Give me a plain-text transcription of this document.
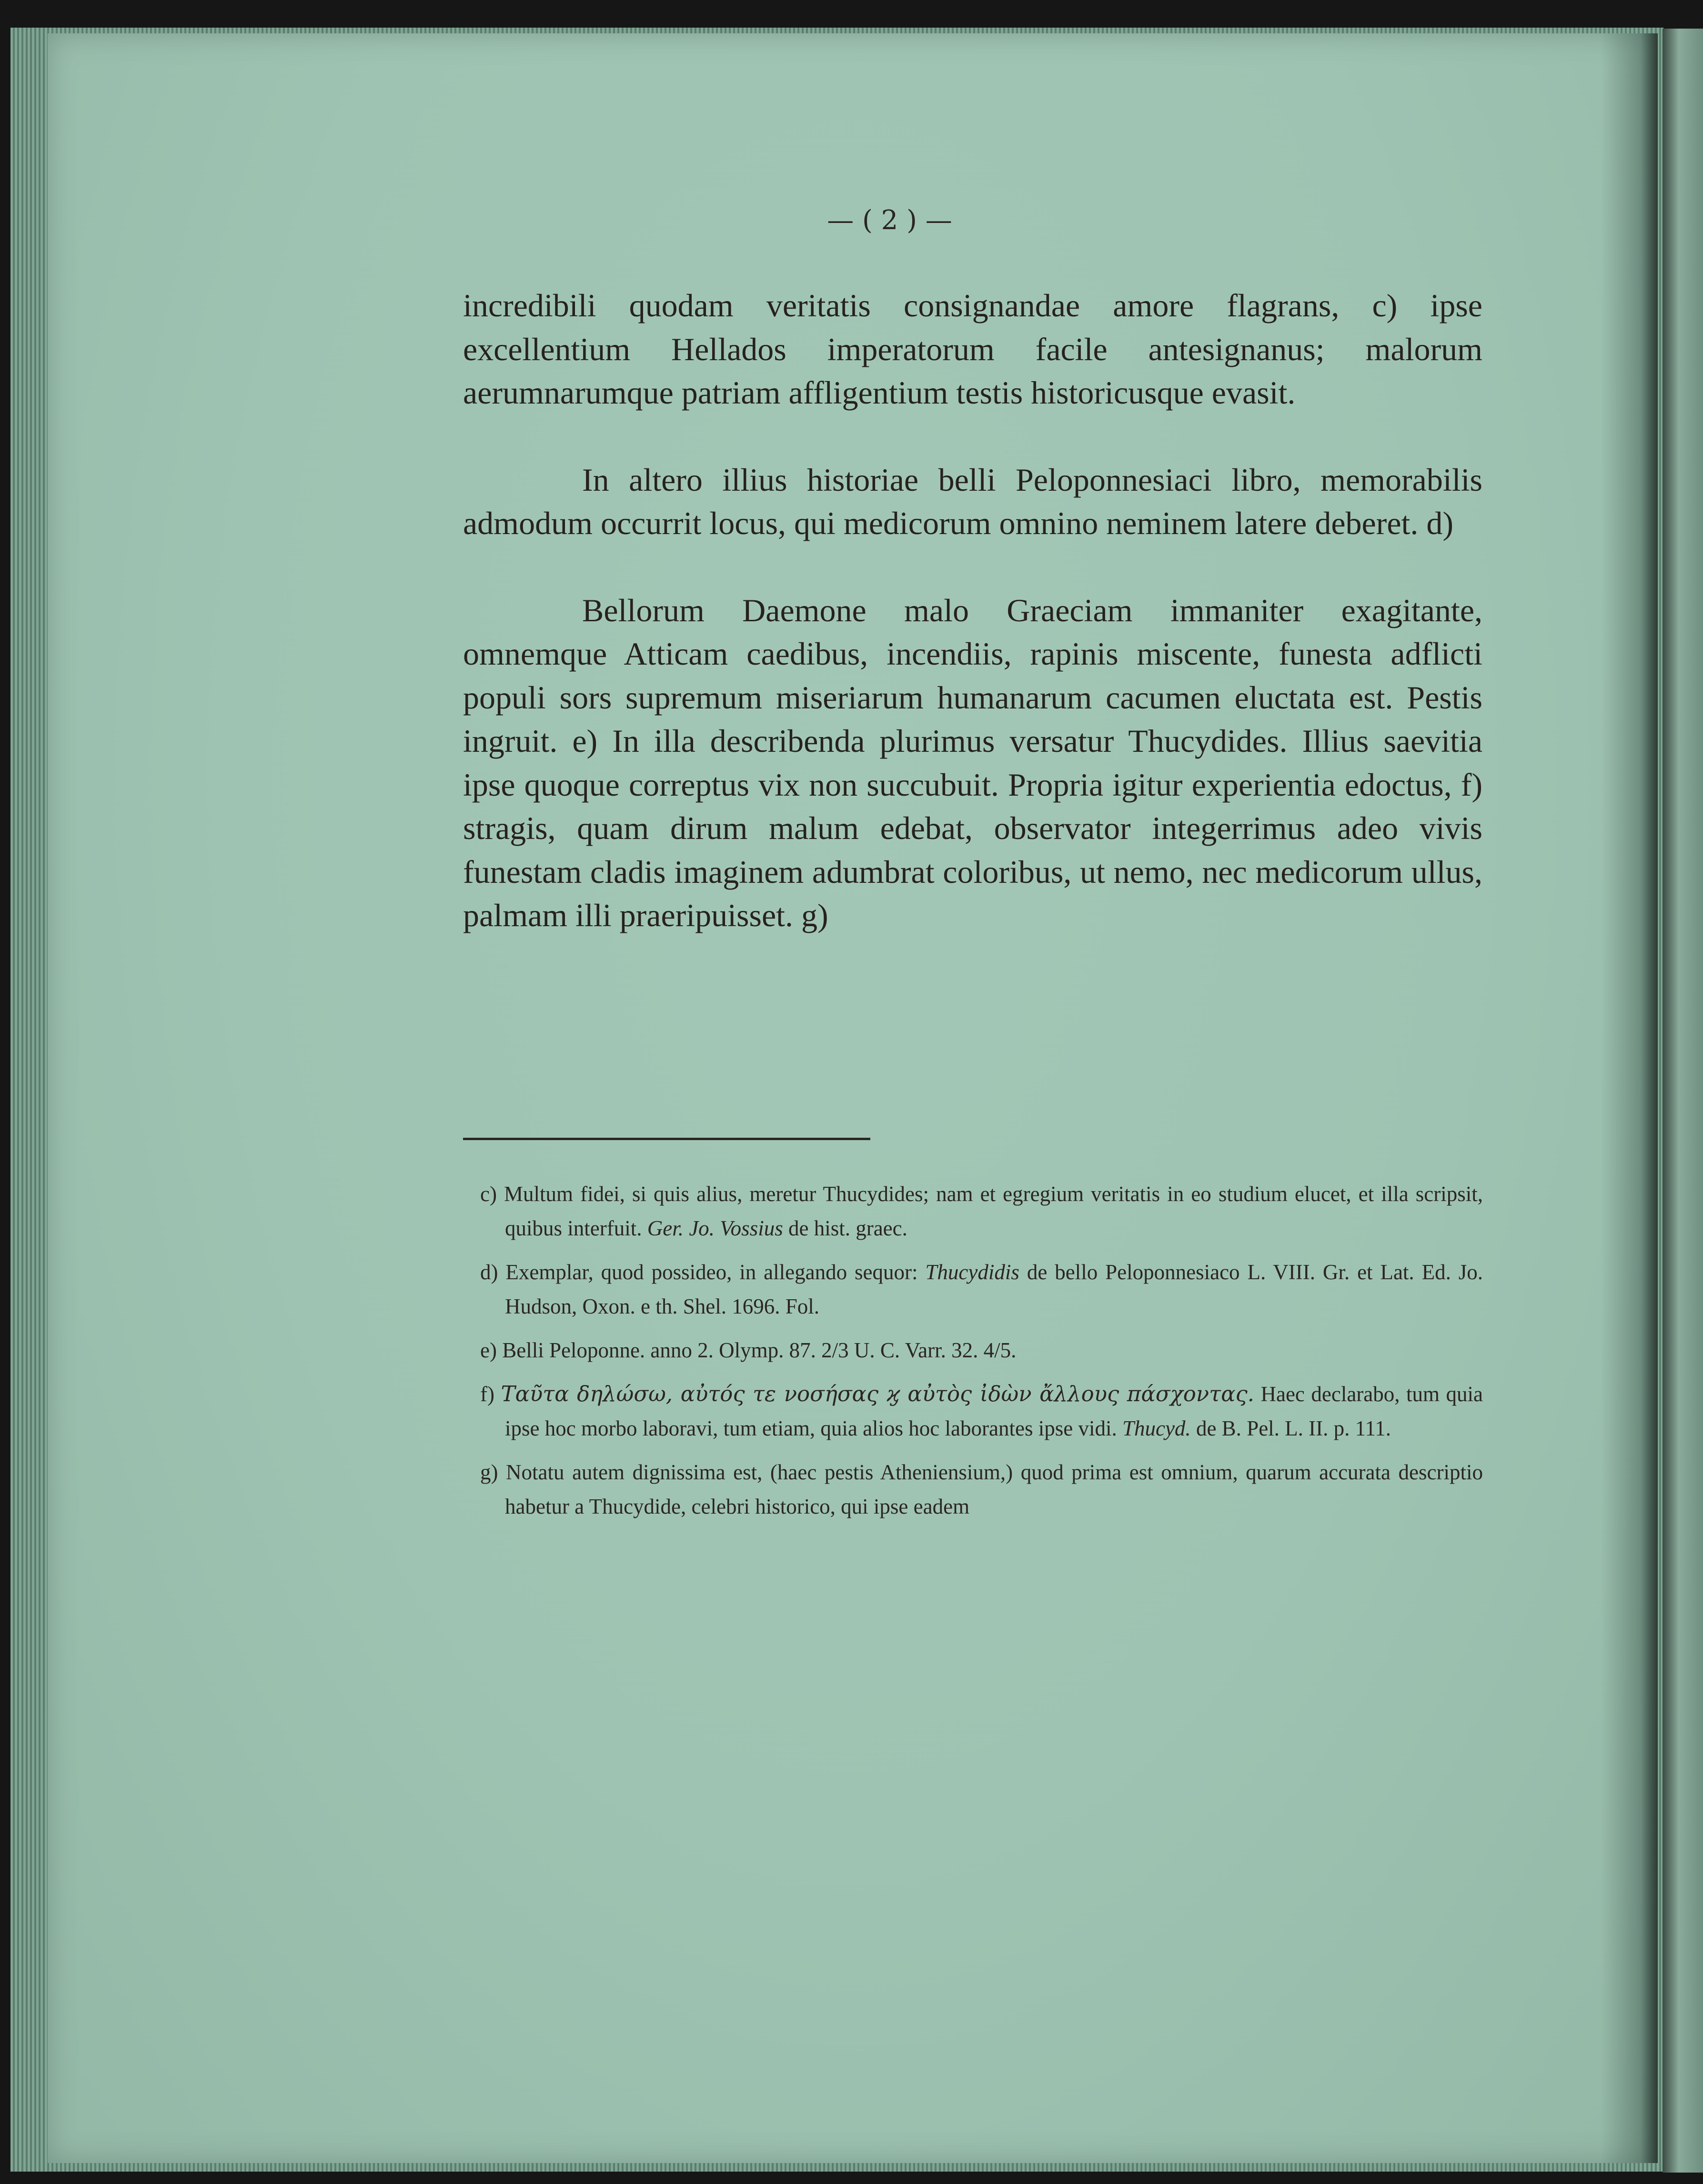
— ( 2 ) —

incredibili quodam veritatis consignandae amore flagrans, c) ipse excellentium Hellados imperatorum facile antesignanus; malorum aerumnarumque patriam affligentium testis historicusque evasit.

In altero illius historiae belli Peloponnesiaci libro, memorabilis admodum occurrit locus, qui medicorum omnino neminem latere deberet. d)

Bellorum Daemone malo Graeciam immaniter exagitante, omnemque Atticam caedibus, incendiis, rapinis miscente, funesta adflicti populi sors supremum miseriarum humanarum cacumen eluctata est. Pestis ingruit. e) In illa describenda plurimus versatur Thucydides. Illius saevitia ipse quoque correptus vix non succubuit. Propria igitur experientia edoctus, f) stragis, quam dirum malum edebat, observator integerrimus adeo vivis funestam cladis imaginem adumbrat coloribus, ut nemo, nec medicorum ullus, palmam illi praeripuisset. g)

c) Multum fidei, si quis alius, meretur Thucydides; nam et egregium veritatis in eo studium elucet, et illa scripsit, quibus interfuit. Ger. Jo. Vossius de hist. graec.

d) Exemplar, quod possideo, in allegando sequor: Thucydidis de bello Peloponnesiaco L. VIII. Gr. et Lat. Ed. Jo. Hudson, Oxon. e th. Shel. 1696. Fol.

e) Belli Peloponne. anno 2. Olymp. 87. 2/3 U. C. Varr. 32. 4/5.

f) Ταῦτα δηλώσω, αὐτός τε νοσήσας ϗ αὐτὸς ἰδὼν ἄλλους πάσχοντας. Haec declarabo, tum quia ipse hoc morbo laboravi, tum etiam, quia alios hoc laborantes ipse vidi. Thucyd. de B. Pel. L. II. p. 111.

g) Notatu autem dignissima est, (haec pestis Atheniensium,) quod prima est omnium, quarum accurata descriptio habetur a Thucydide, celebri historico, qui ipse eadem
